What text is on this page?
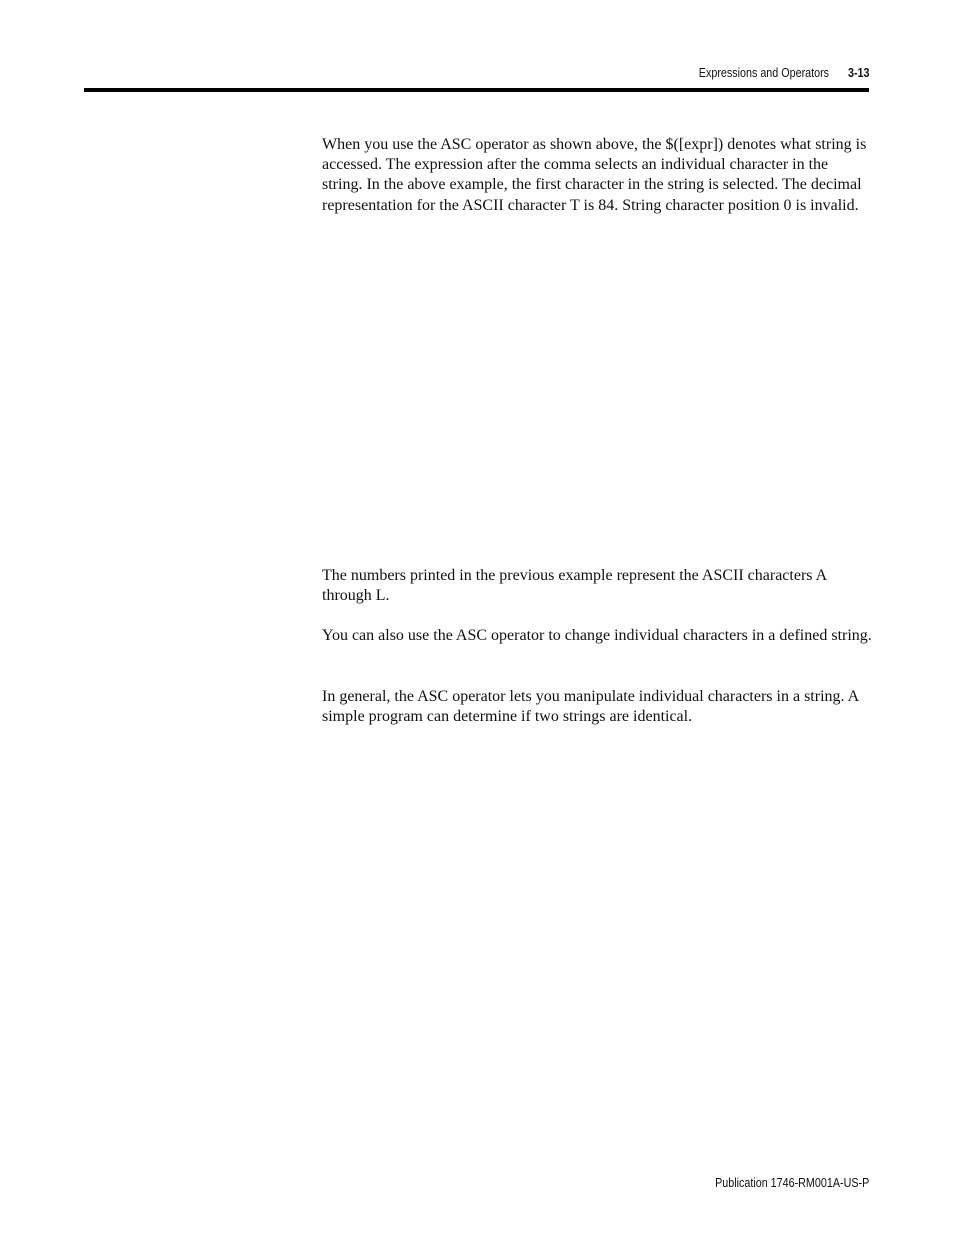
Expressions and Operators 3-13

When you use the ASC operator as shown above, the $([expr]) denotes what string is accessed. The expression after the comma selects an individual character in the string. In the above example, the first character in the string is selected. The decimal representation for the ASCII character T is 84. String character position 0 is invalid.

The numbers printed in the previous example represent the ASCII characters A through L.

You can also use the ASC operator to change individual characters in a defined string.

In general, the ASC operator lets you manipulate individual characters in a string. A simple program can determine if two strings are identical.

Publication 1746-RM001A-US-P
